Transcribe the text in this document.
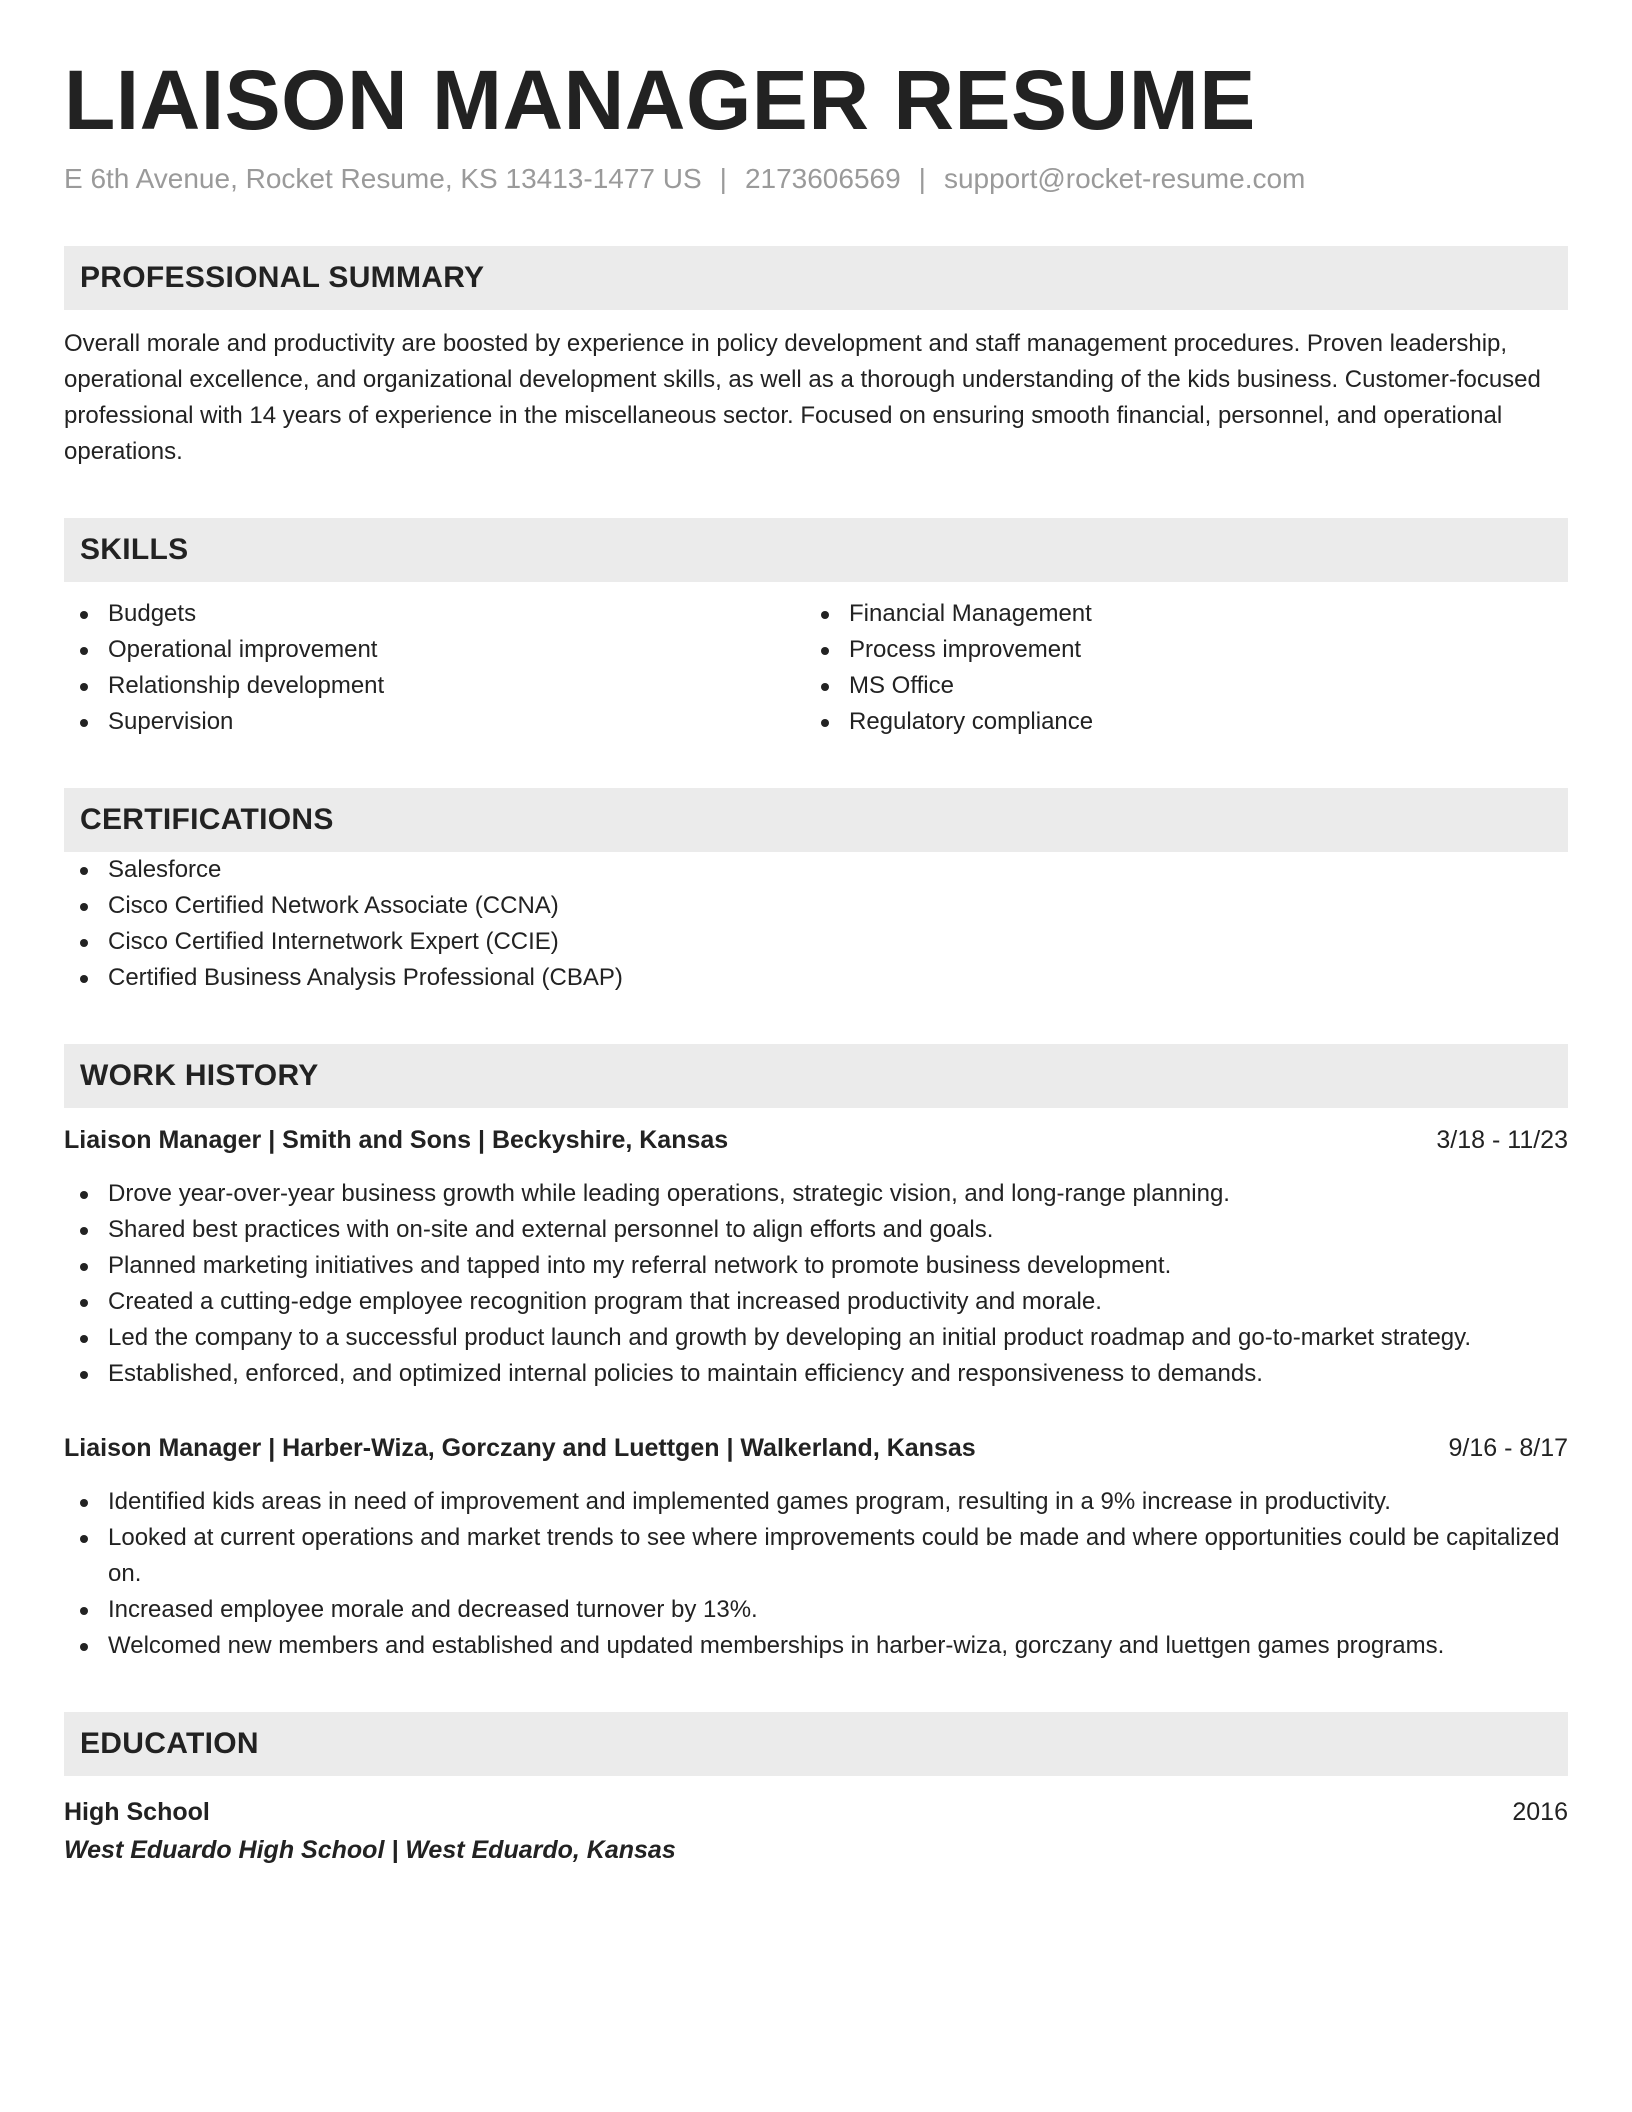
LIAISON MANAGER RESUME
E 6th Avenue, Rocket Resume, KS 13413-1477 US | 2173606569 | support@rocket-resume.com
PROFESSIONAL SUMMARY
Overall morale and productivity are boosted by experience in policy development and staff management procedures. Proven leadership, operational excellence, and organizational development skills, as well as a thorough understanding of the kids business. Customer-focused professional with 14 years of experience in the miscellaneous sector. Focused on ensuring smooth financial, personnel, and operational operations.
SKILLS
Budgets
Operational improvement
Relationship development
Supervision
Financial Management
Process improvement
MS Office
Regulatory compliance
CERTIFICATIONS
Salesforce
Cisco Certified Network Associate (CCNA)
Cisco Certified Internetwork Expert (CCIE)
Certified Business Analysis Professional (CBAP)
WORK HISTORY
Liaison Manager | Smith and Sons | Beckyshire, Kansas	3/18 - 11/23
Drove year-over-year business growth while leading operations, strategic vision, and long-range planning.
Shared best practices with on-site and external personnel to align efforts and goals.
Planned marketing initiatives and tapped into my referral network to promote business development.
Created a cutting-edge employee recognition program that increased productivity and morale.
Led the company to a successful product launch and growth by developing an initial product roadmap and go-to-market strategy.
Established, enforced, and optimized internal policies to maintain efficiency and responsiveness to demands.
Liaison Manager | Harber-Wiza, Gorczany and Luettgen | Walkerland, Kansas	9/16 - 8/17
Identified kids areas in need of improvement and implemented games program, resulting in a 9% increase in productivity.
Looked at current operations and market trends to see where improvements could be made and where opportunities could be capitalized on.
Increased employee morale and decreased turnover by 13%.
Welcomed new members and established and updated memberships in harber-wiza, gorczany and luettgen games programs.
EDUCATION
High School	2016
West Eduardo High School | West Eduardo, Kansas
